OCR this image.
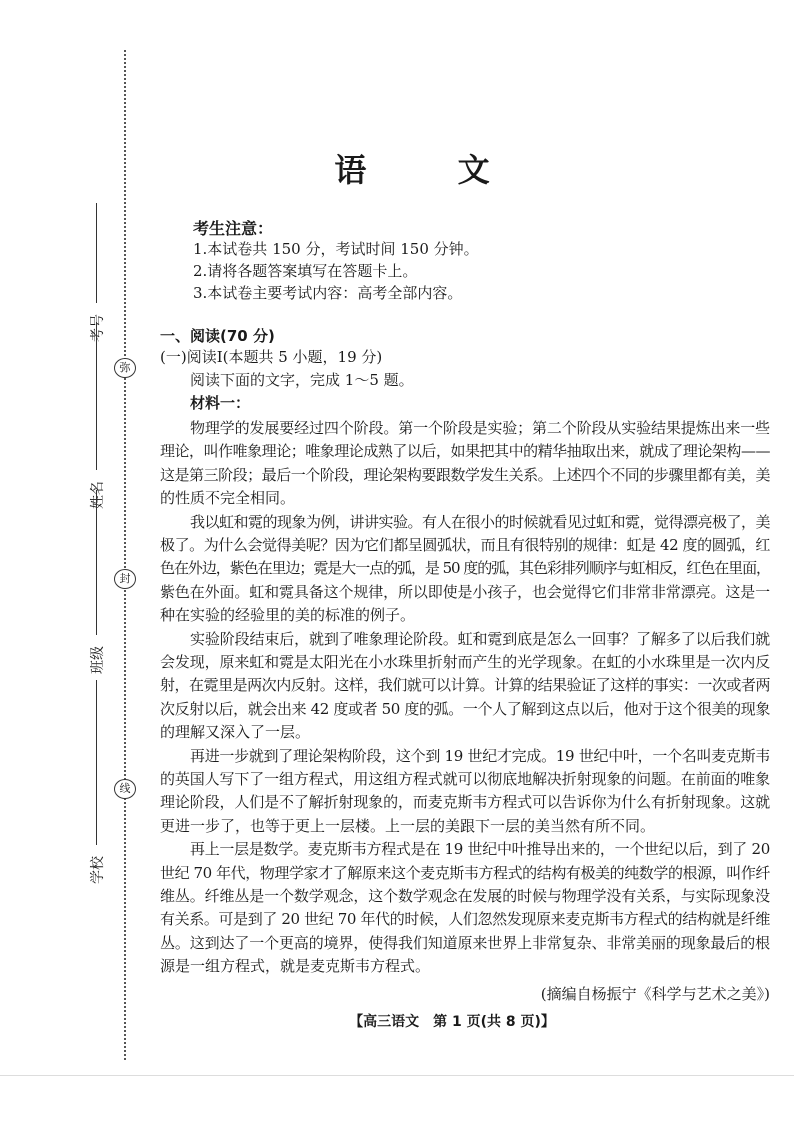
弥
封
线
考号
姓名
班级
学校
语 文
考生注意：
1.本试卷共 150 分，考试时间 150 分钟。
2.请将各题答案填写在答题卡上。
3.本试卷主要考试内容：高考全部内容。
一、阅读(70 分)
(一)阅读Ⅰ(本题共 5 小题，19 分)
阅读下面的文字，完成 1～5 题。
材料一：
物理学的发展要经过四个阶段。第一个阶段是实验；第二个阶段从实验结果提炼出来一些
理论，叫作唯象理论；唯象理论成熟了以后，如果把其中的精华抽取出来，就成了理论架构——
这是第三阶段；最后一个阶段，理论架构要跟数学发生关系。上述四个不同的步骤里都有美，美
的性质不完全相同。
我以虹和霓的现象为例，讲讲实验。有人在很小的时候就看见过虹和霓，觉得漂亮极了，美
极了。为什么会觉得美呢？因为它们都呈圆弧状，而且有很特别的规律：虹是 42 度的圆弧，红
色在外边，紫色在里边；霓是大一点的弧，是 50 度的弧，其色彩排列顺序与虹相反，红色在里面，
紫色在外面。虹和霓具备这个规律，所以即使是小孩子，也会觉得它们非常非常漂亮。这是一
种在实验的经验里的美的标准的例子。
实验阶段结束后，就到了唯象理论阶段。虹和霓到底是怎么一回事？了解多了以后我们就
会发现，原来虹和霓是太阳光在小水珠里折射而产生的光学现象。在虹的小水珠里是一次内反
射，在霓里是两次内反射。这样，我们就可以计算。计算的结果验证了这样的事实：一次或者两
次反射以后，就会出来 42 度或者 50 度的弧。一个人了解到这点以后，他对于这个很美的现象
的理解又深入了一层。
再进一步就到了理论架构阶段，这个到 19 世纪才完成。19 世纪中叶，一个名叫麦克斯韦
的英国人写下了一组方程式，用这组方程式就可以彻底地解决折射现象的问题。在前面的唯象
理论阶段，人们是不了解折射现象的，而麦克斯韦方程式可以告诉你为什么有折射现象。这就
更进一步了，也等于更上一层楼。上一层的美跟下一层的美当然有所不同。
再上一层是数学。麦克斯韦方程式是在 19 世纪中叶推导出来的，一个世纪以后，到了 20
世纪 70 年代，物理学家才了解原来这个麦克斯韦方程式的结构有极美的纯数学的根源，叫作纤
维丛。纤维丛是一个数学观念，这个数学观念在发展的时候与物理学没有关系，与实际现象没
有关系。可是到了 20 世纪 70 年代的时候，人们忽然发现原来麦克斯韦方程式的结构就是纤维
丛。这到达了一个更高的境界，使得我们知道原来世界上非常复杂、非常美丽的现象最后的根
源是一组方程式，就是麦克斯韦方程式。
(摘编自杨振宁《科学与艺术之美》)
【高三语文　第 1 页(共 8 页)】
